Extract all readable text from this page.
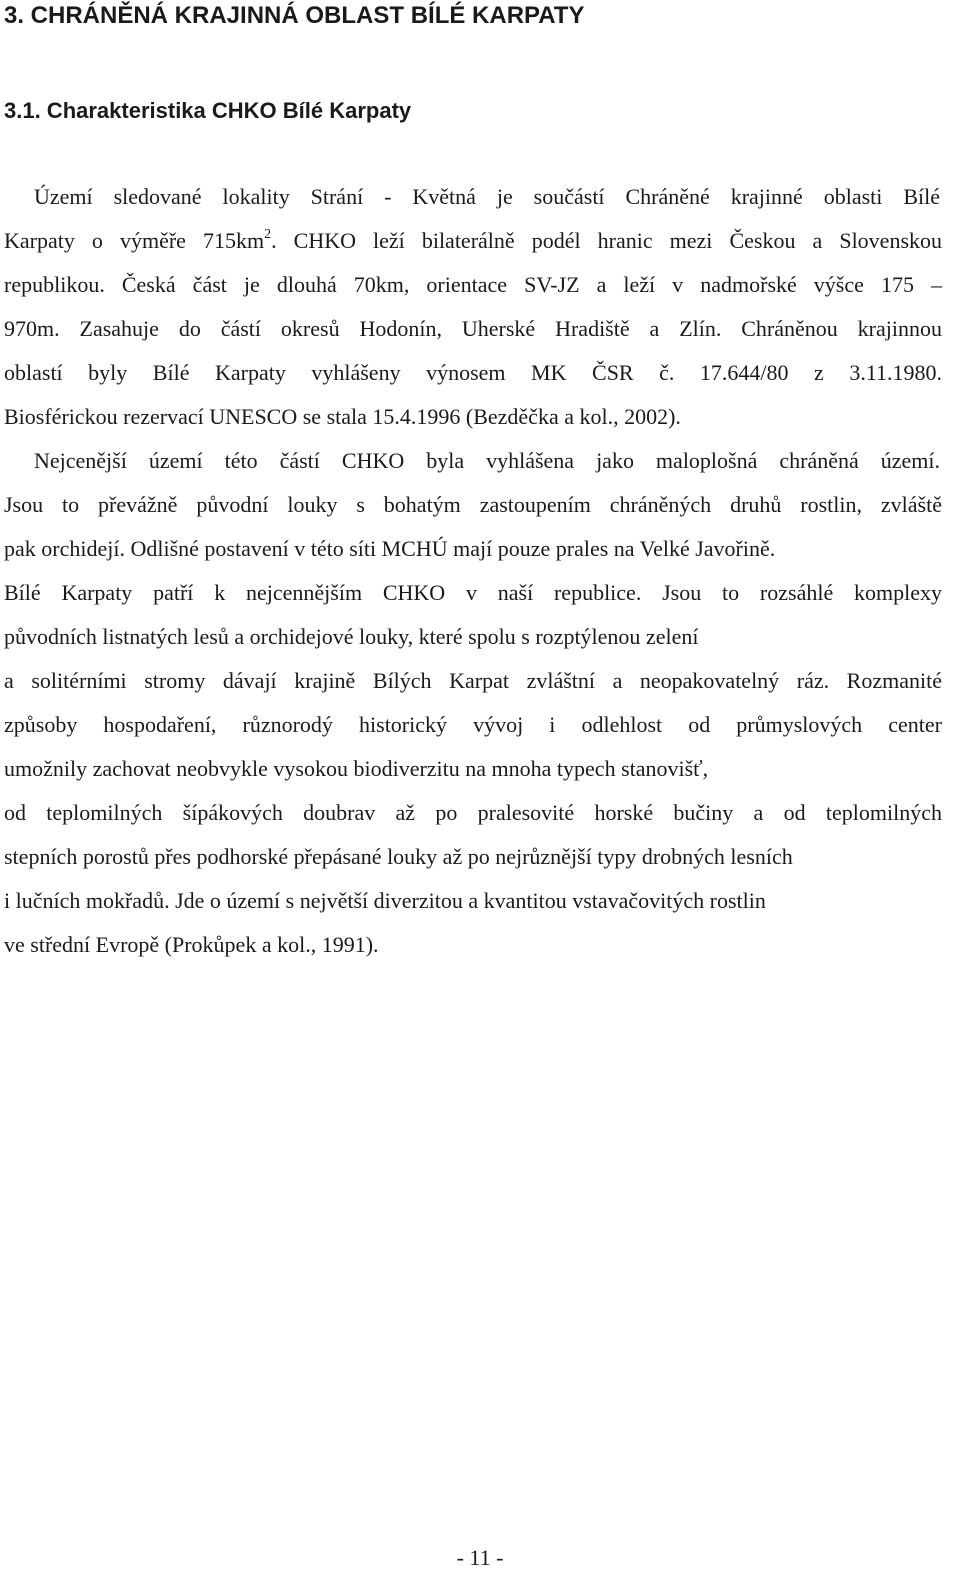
3. CHRÁNĚNÁ KRAJINNÁ OBLAST BÍLÉ KARPATY
3.1. Charakteristika CHKO Bílé Karpaty

Území sledované lokality Strání - Květná je součástí Chráněné krajinné oblasti Bílé

Karpaty o výměře $715km^2$. CHKO leží bilaterálně podél hranic mezi Českou a Slovenskou

republikou. Česká část je dlouhá 70km, orientace SV-JZ a leží v nadmořské výšce 175 –

970m. Zasahuje do částí okresů Hodonín, Uherské Hradiště a Zlín. Chráněnou krajinnou

oblastí byly Bílé Karpaty vyhlášeny výnosem MK ČSR č. 17.644/80 z 3.11.1980.

Biosférickou rezervací UNESCO se stala 15.4.1996 (Bezděčka a kol., 2002).

Nejcenější území této částí CHKO byla vyhlášena jako maloplošná chráněná území.

Jsou to převážně původní louky s bohatým zastoupením chráněných druhů rostlin, zvláště

pak orchidejí. Odlišné postavení v této síti MCHÚ mají pouze prales na Velké Javořině.

Bílé Karpaty patří k nejcennějším CHKO v naší republice. Jsou to rozsáhlé komplexy

původních listnatých lesů a orchidejové louky, které spolu s rozptýlenou zelení

a solitérními stromy dávají krajině Bílých Karpat zvláštní a neopakovatelný ráz. Rozmanité

způsoby hospodaření, různorodý historický vývoj i odlehlost od průmyslových center

umožnily zachovat neobvykle vysokou biodiverzitu na mnoha typech stanovišť,

od teplomilných šípákových doubrav až po pralesovité horské bučiny a od teplomilných

stepních porostů přes podhorské přepásané louky až po nejrůznější typy drobných lesních

i lučních mokřadů. Jde o území s největší diverzitou a kvantitou vstavačovitých rostlin

ve střední Evropě (Prokůpek a kol., 1991).

- 11 -
